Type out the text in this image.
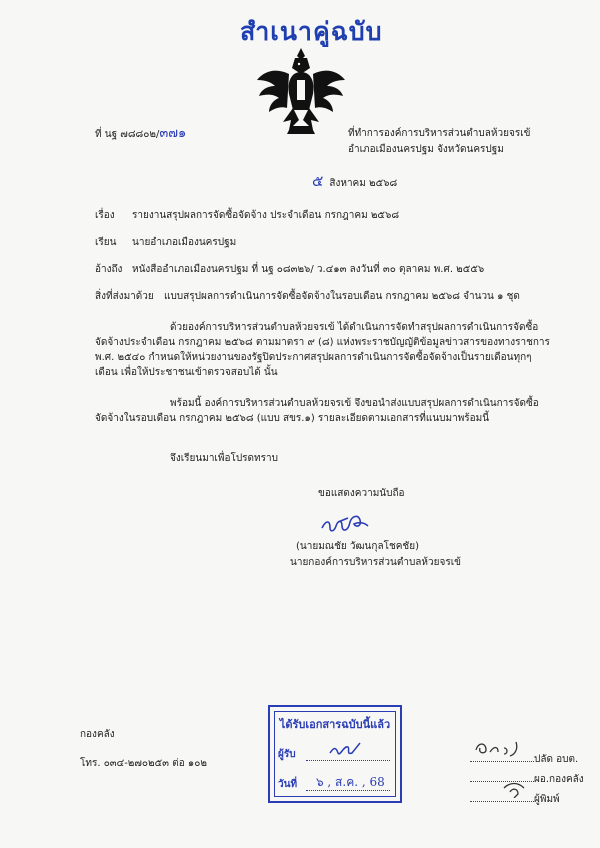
สำเนาคู่ฉบับ
ที่ นฐ ๗๘๘๐๒/๓๗๑	ที่ทำการองค์การบริหารส่วนตำบลห้วยจรเข้
อำเภอเมืองนครปฐม จังหวัดนครปฐม
๕ สิงหาคม ๒๕๖๘
เรื่อง รายงานสรุปผลการจัดซื้อจัดจ้าง ประจำเดือน กรกฎาคม ๒๕๖๘
เรียน นายอำเภอเมืองนครปฐม
อ้างถึง หนังสืออำเภอเมืองนครปฐม ที่ นฐ ๐๘๓๒๖/ ว.๔๑๓ ลงวันที่ ๓๐ ตุลาคม พ.ศ. ๒๕๕๖
สิ่งที่ส่งมาด้วย แบบสรุปผลการดำเนินการจัดซื้อจัดจ้างในรอบเดือน กรกฎาคม ๒๕๖๘ จำนวน ๑ ชุด
ด้วยองค์การบริหารส่วนตำบลห้วยจรเข้ ได้ดำเนินการจัดทำสรุปผลการดำเนินการจัดซื้อ
จัดจ้างประจำเดือน กรกฎาคม ๒๕๖๘ ตามมาตรา ๙ (๘) แห่งพระราชบัญญัติข้อมูลข่าวสารของทางราชการ
พ.ศ. ๒๕๔๐ กำหนดให้หน่วยงานของรัฐปิดประกาศสรุปผลการดำเนินการจัดซื้อจัดจ้างเป็นรายเดือนทุกๆ
เดือน เพื่อให้ประชาชนเข้าตรวจสอบได้ นั้น
พร้อมนี้ องค์การบริหารส่วนตำบลห้วยจรเข้ จึงขอนำส่งแบบสรุปผลการดำเนินการจัดซื้อ
จัดจ้างในรอบเดือน กรกฎาคม ๒๕๖๘ (แบบ สขร.๑) รายละเอียดตามเอกสารที่แนบมาพร้อมนี้
จึงเรียนมาเพื่อโปรดทราบ
ขอแสดงความนับถือ
(นายมณชัย วัฒนกุลโชคชัย)
นายกองค์การบริหารส่วนตำบลห้วยจรเข้
กองคลัง
โทร. ๐๓๔-๒๗๐๒๕๓ ต่อ ๑๐๒
ได้รับเอกสารฉบับนี้แล้ว
ผู้รับ
วันที่ ๖ , ส.ค. , 68
ปลัด อบต.
ผอ.กองคลัง
ผู้พิมพ์
